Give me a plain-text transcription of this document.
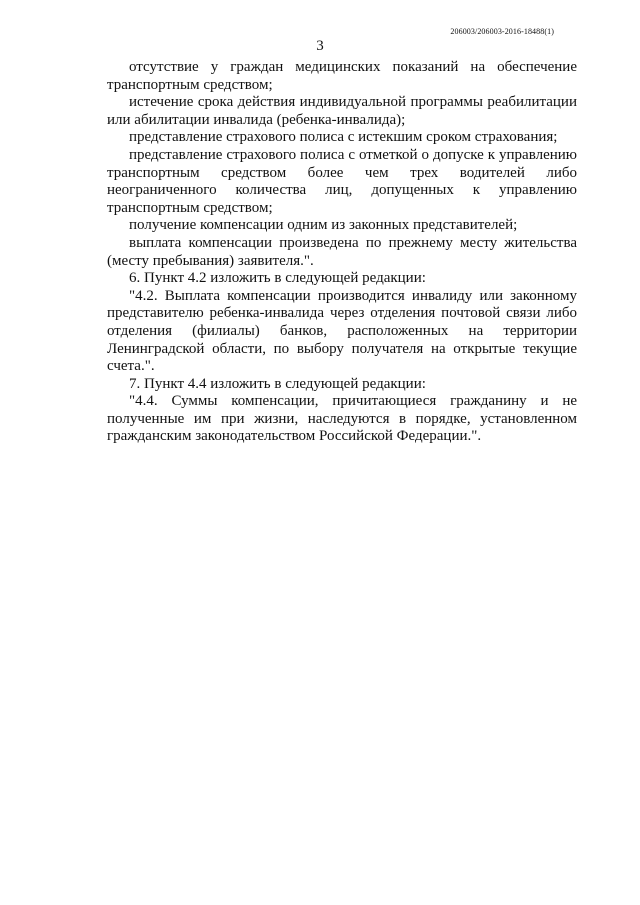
206003/206003-2016-18488(1)
3

отсутствие у граждан медицинских показаний на обеспечение транспортным средством;

истечение срока действия индивидуальной программы реабилитации или абилитации инвалида (ребенка-инвалида);

представление страхового полиса с истекшим сроком страхования;

представление страхового полиса с отметкой о допуске к управлению транспортным средством более чем трех водителей либо неограниченного количества лиц, допущенных к управлению транспортным средством;

получение компенсации одним из законных представителей;

выплата компенсации произведена по прежнему месту жительства (месту пребывания) заявителя.".

6. Пункт 4.2 изложить в следующей редакции:

"4.2. Выплата компенсации производится инвалиду или законному представителю ребенка-инвалида через отделения почтовой связи либо отделения (филиалы) банков, расположенных на территории Ленинградской области, по выбору получателя на открытые текущие счета.".

7. Пункт 4.4 изложить в следующей редакции:

"4.4. Суммы компенсации, причитающиеся гражданину и не полученные им при жизни, наследуются в порядке, установленном гражданским законодательством Российской Федерации.".
